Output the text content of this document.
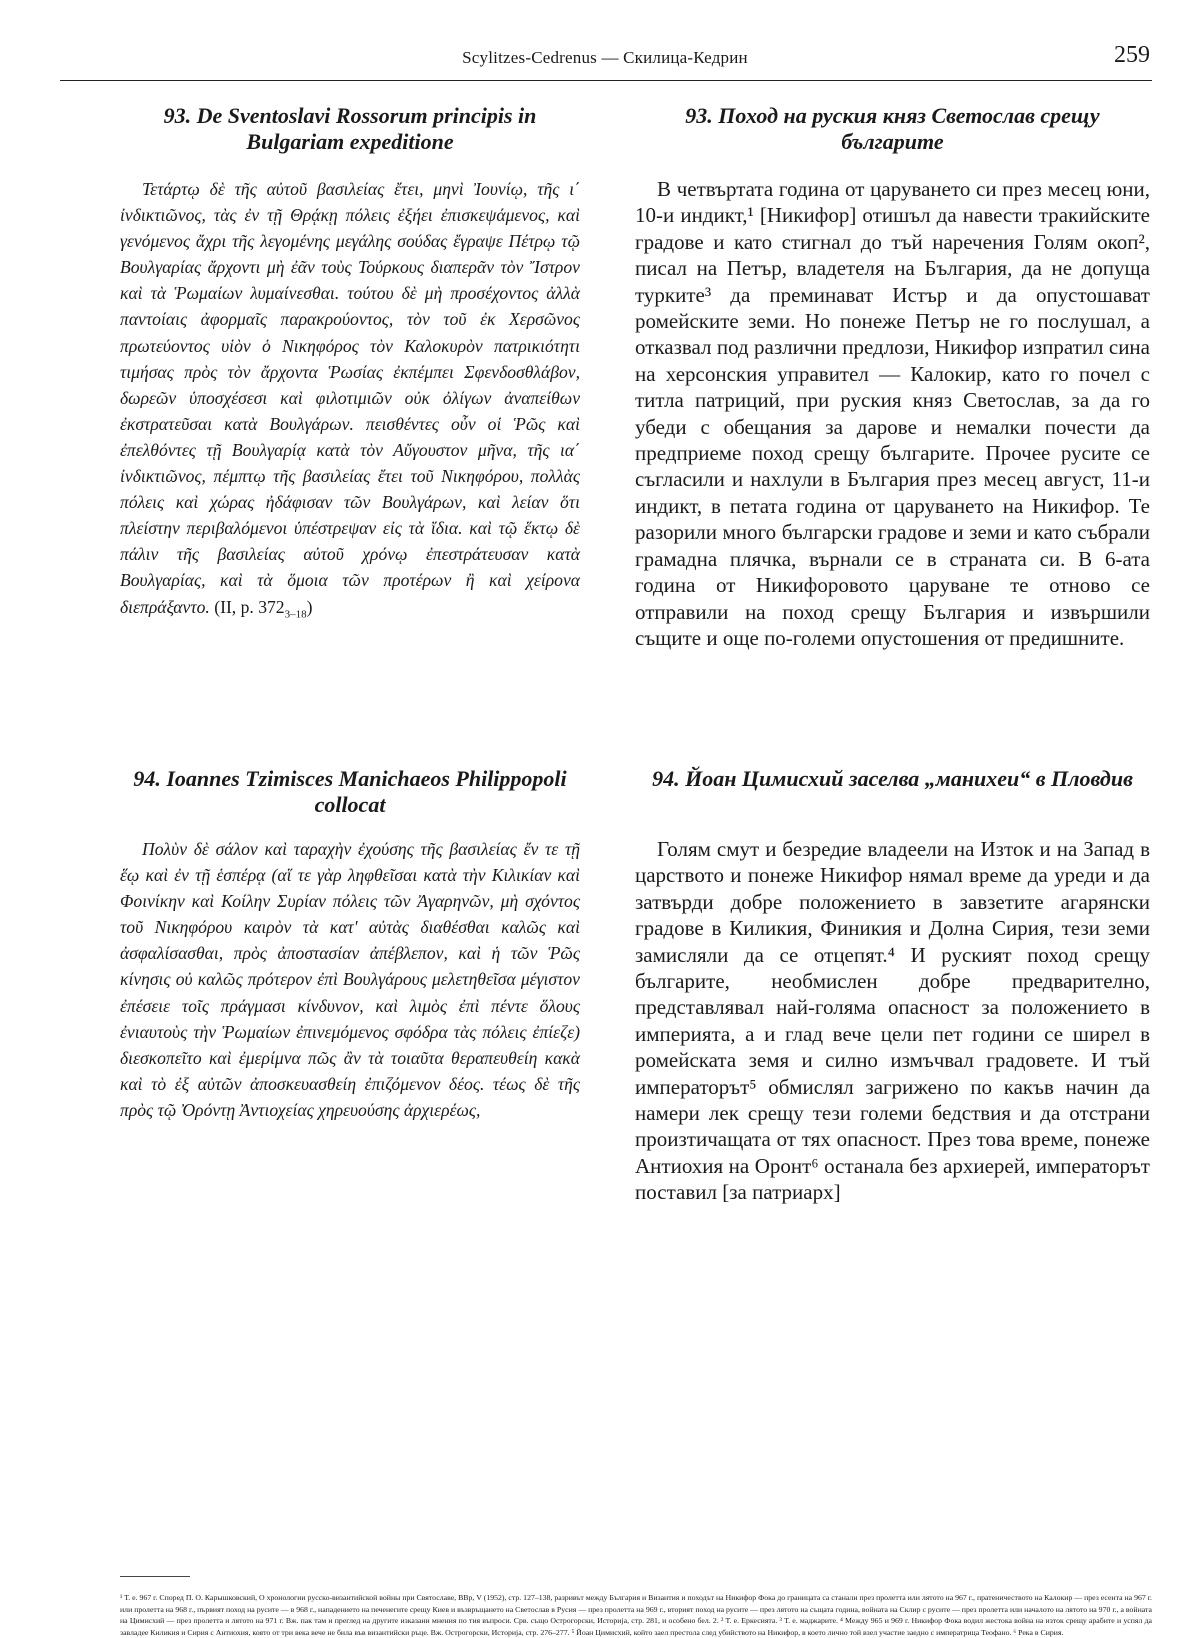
Scylitzes-Cedrenus — Скилица-Кедрин	259
93. De Sventoslavi Rossorum principis in Bulgariam expeditione
93. Поход на руския княз Светослав срещу българите

Τετάρτῳ δὲ τῆς αὐτοῦ βασιλείας ἔτει, μηνὶ Ἰουνίῳ, τῆς ι΄ ἰνδικτιῶνος, τὰς ἐν τῇ Θρᾴκῃ πόλεις ἐξήει ἐπισκεψάμενος, καὶ γενόμενος ἄχρι τῆς λεγομένης μεγάλης σούδας ἔγραψε Πέτρῳ τῷ Βουλγαρίας ἄρχοντι μὴ ἐᾶν τοὺς Τούρκους διαπερᾶν τὸν Ἴστρον καὶ τὰ Ῥωμαίων λυμαίνεσθαι. τούτου δὲ μὴ προσέχοντος ἀλλὰ παντοίαις ἀφορμαῖς παρακρούοντος, τὸν τοῦ ἐκ Χερσῶνος πρωτεύοντος υἱὸν ὁ Νικηφόρος τὸν Καλοκυρὸν πατρικιότητι τιμήσας πρὸς τὸν ἄρχοντα Ῥωσίας ἐκπέμπει Σφενδοσθλάβον, δωρεῶν ὑποσχέσεσι καὶ φιλοτιμιῶν οὐκ ὀλίγων ἀναπείθων ἐκστρατεῦσαι κατὰ Βουλγάρων. πεισθέντες οὖν οἱ Ῥῶς καὶ ἐπελθόντες τῇ Βουλγαρίᾳ κατὰ τὸν Αὔγουστον μῆνα, τῆς ια΄ ἰνδικτιῶνος, πέμπτῳ τῆς βασιλείας ἔτει τοῦ Νικηφόρου, πολλὰς πόλεις καὶ χώρας ἠδάφισαν τῶν Βουλγάρων, καὶ λείαν ὅτι πλείστην περιβαλόμενοι ὑπέστρεψαν εἰς τὰ ἴδια. καὶ τῷ ἕκτῳ δὲ πάλιν τῆς βασιλείας αὐτοῦ χρόνῳ ἐπεστράτευσαν κατὰ Βουλγαρίας, καὶ τὰ ὅμοια τῶν προτέρων ἢ καὶ χείρονα διεπράξαντο. (II, p. $372_{3-18}$)

В четвъртата година от царуването си през месец юни, 10-и индикт,¹ [Никифор] отишъл да навести тракийските градове и като стигнал до тъй наречения Голям окоп², писал на Петър, владетеля на България, да не допуща турките³ да преминават Истър и да опустошават ромейските земи. Но понеже Петър не го послушал, а отказвал под различни предлози, Никифор изпратил сина на херсонския управител — Калокир, като го почел с титла патриций, при руския княз Светослав, за да го убеди с обещания за дарове и немалки почести да предприеме поход срещу българите. Прочее русите се съгласили и нахлули в България през месец август, 11-и индикт, в петата година от царуването на Никифор. Те разорили много български градове и земи и като събрали грамадна плячка, върнали се в страната си. В 6-ата година от Никифоровото царуване те отново се отправили на поход срещу България и извършили същите и още по-големи опустошения от предишните.

94. Ioannes Tzimisces Manichaeos Philippopoli collocat
94. Йоан Цимисхий заселва „манихеи“ в Пловдив

Πολὺν δὲ σάλον καὶ ταραχὴν ἐχούσης τῆς βασιλείας ἔν τε τῇ ἕῳ καὶ ἐν τῇ ἑσπέρᾳ (αἵ τε γὰρ ληφθεῖσαι κατὰ τὴν Κιλικίαν καὶ Φοινίκην καὶ Κοίλην Συρίαν πόλεις τῶν Ἀγαρηνῶν, μὴ σχόντος τοῦ Νικηφόρου καιρὸν τὰ κατ' αὐτὰς διαθέσθαι καλῶς καὶ ἀσφαλίσασθαι, πρὸς ἀποστασίαν ἀπέβλεπον, καὶ ἡ τῶν Ῥῶς κίνησις οὐ καλῶς πρότερον ἐπὶ Βουλγάρους μελετηθεῖσα μέγιστον ἐπέσειε τοῖς πράγμασι κίνδυνον, καὶ λιμὸς ἐπὶ πέντε ὅλους ἐνιαυτοὺς τὴν Ῥωμαίων ἐπινεμόμενος σφόδρα τὰς πόλεις ἐπίεζε) διεσκοπεῖτο καὶ ἐμερίμνα πῶς ἂν τὰ τοιαῦτα θεραπευθείη κακὰ καὶ τὸ ἐξ αὐτῶν ἀποσκευασθείη ἐπιζόμενον δέος. τέως δὲ τῆς πρὸς τῷ Ὀρόντῃ Ἀντιοχείας χηρευούσης ἀρχιερέως,

Голям смут и безредие владеели на Изток и на Запад в царството и понеже Никифор нямал време да уреди и да затвърди добре положението в завзетите агарянски градове в Киликия, Финикия и Долна Сирия, тези земи замисляли да се отцепят.⁴ И руският поход срещу българите, необмислен добре предварително, представлявал най-голяма опасност за положението в империята, а и глад вече цели пет години се ширел в ромейската земя и силно измъчвал градовете. И тъй императорът⁵ обмислял загрижено по какъв начин да намери лек срещу тези големи бедствия и да отстрани произтичащата от тях опасност. През това време, понеже Антиохия на Оронт⁶ останала без архиерей, императорът поставил [за патриарх]

¹ Т. е. 967 г. Според П. О. Карышковский, О хронологии русско-византийской войны при Святославе, ВВр, V (1952), стр. 127–138, разривът между България и Византия и походът на Никифор Фока до границата са станали през пролетта или лятото на 967 г., пратеничеството на Калокир — през есента на 967 г. или пролетта на 968 г., първият поход на русите — в 968 г., нападението на печенегите срещу Киев и възвръщането на Светослав в Русия — през пролетта на 969 г., вторият поход на русите — през лятото на същата година, войната на Склир с русите — през пролетта или началото на лятото на 970 г., а войната на Цимисхий — през пролетта и лятото на 971 г. Вж. пак там и преглед на другите изказани мнения по тия въпроси. Срв. също Острогорски, Историја, стр. 281, и особено бел. 2. ² Т. е. Еркесията. ³ Т. е. маджарите. ⁴ Между 965 и 969 г. Никифор Фока водил жестока война на изток срещу арабите и успял да завладее Киликия и Сирия с Антиохия, която от три века вече не била във византийски ръце. Вж. Острогорски, Историја, стр. 276–277. ⁵ Йоан Цимисхий, който заел престола след убийството на Никифор, в което лично той взел участие заедно с императрица Теофано. ⁶ Река в Сирия.
